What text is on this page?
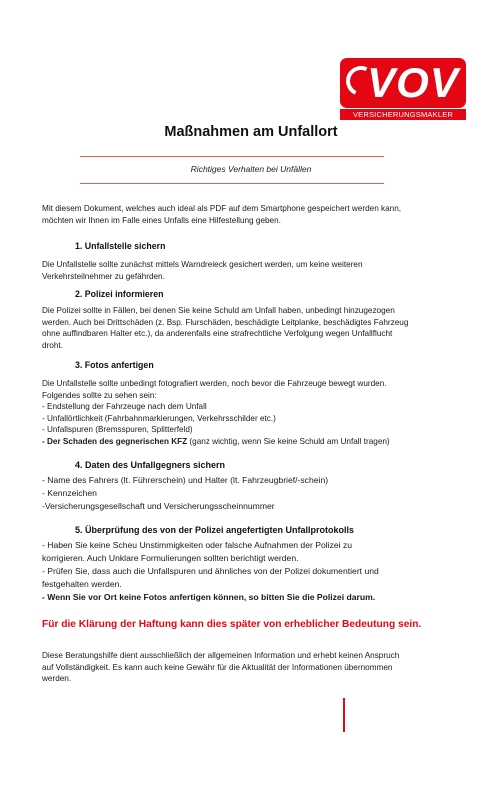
VOV
VERSICHERUNGSMAKLER
Maßnahmen am Unfallort
Richtiges Verhalten bei Unfällen
Mit diesem Dokument, welches auch ideal als PDF auf dem Smartphone gespeichert werden kann,
möchten wir Ihnen im Falle eines Unfalls eine Hilfestellung geben.
1. Unfallstelle sichern
Die Unfallstelle sollte zunächst mittels Warndreieck gesichert werden, um keine weiteren
Verkehrsteilnehmer zu gefährden.
2. Polizei informieren
Die Polizei sollte in Fällen, bei denen Sie keine Schuld am Unfall haben, unbedingt hinzugezogen
werden. Auch bei Drittschäden (z. Bsp. Flurschäden, beschädigte Leitplanke, beschädigtes Fahrzeug
ohne auffindbaren Halter etc.), da anderenfalls eine strafrechtliche Verfolgung wegen Unfallflucht
droht.
3. Fotos anfertigen
Die Unfallstelle sollte unbedingt fotografiert werden, noch bevor die Fahrzeuge bewegt wurden.
Folgendes sollte zu sehen sein:
- Endstellung der Fahrzeuge nach dem Unfall
- Unfallörtlichkeit (Fahrbahnmarkierungen, Verkehrsschilder etc.)
- Unfallspuren (Bremsspuren, Splitterfeld)
- Der Schaden des gegnerischen KFZ (ganz wichtig, wenn Sie keine Schuld am Unfall tragen)
4. Daten des Unfallgegners sichern
- Name des Fahrers (lt. Führerschein) und Halter (lt. Fahrzeugbrief/-schein)
- Kennzeichen
-Versicherungsgesellschaft und Versicherungsscheinnummer
5. Überprüfung des von der Polizei angefertigten Unfallprotokolls
- Haben Sie keine Scheu Unstimmigkeiten oder falsche Aufnahmen der Polizei zu
korrigieren. Auch Unklare Formulierungen sollten berichtigt werden.
- Prüfen Sie, dass auch die Unfallspuren und ähnliches von der Polizei dokumentiert und
festgehalten werden.
- Wenn Sie vor Ort keine Fotos anfertigen können, so bitten Sie die Polizei darum.
Für die Klärung der Haftung kann dies später von erheblicher Bedeutung sein.
Diese Beratungshilfe dient ausschließlich der allgemeinen Information und erhebt keinen Anspruch
auf Vollständigkeit. Es kann auch keine Gewähr für die Aktualität der Informationen übernommen
werden.
